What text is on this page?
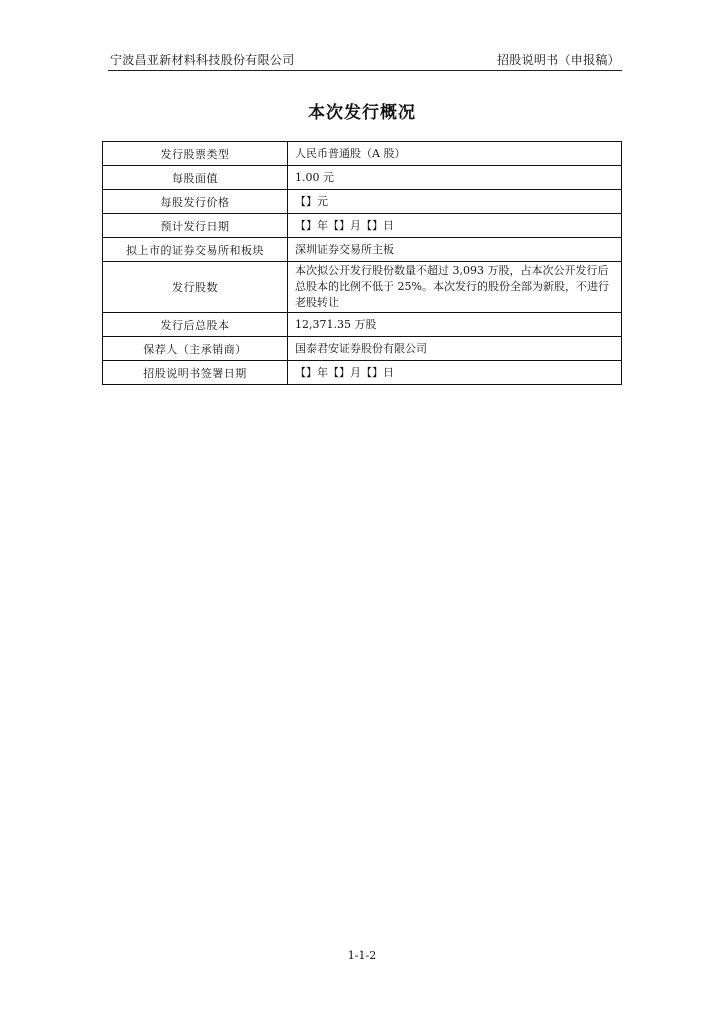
宁波昌亚新材料科技股份有限公司	招股说明书（申报稿）
本次发行概况
发行股票类型	人民币普通股（A 股）
每股面值	1.00 元
每股发行价格	【】元
预计发行日期	【】年【】月【】日
拟上市的证券交易所和板块	深圳证券交易所主板
发行股数	本次拟公开发行股份数量不超过 3,093 万股，占本次公开发行后总股本的比例不低于 25%。本次发行的股份全部为新股，不进行老股转让
发行后总股本	12,371.35 万股
保荐人（主承销商）	国泰君安证券股份有限公司
招股说明书签署日期	【】年【】月【】日
1-1-2
